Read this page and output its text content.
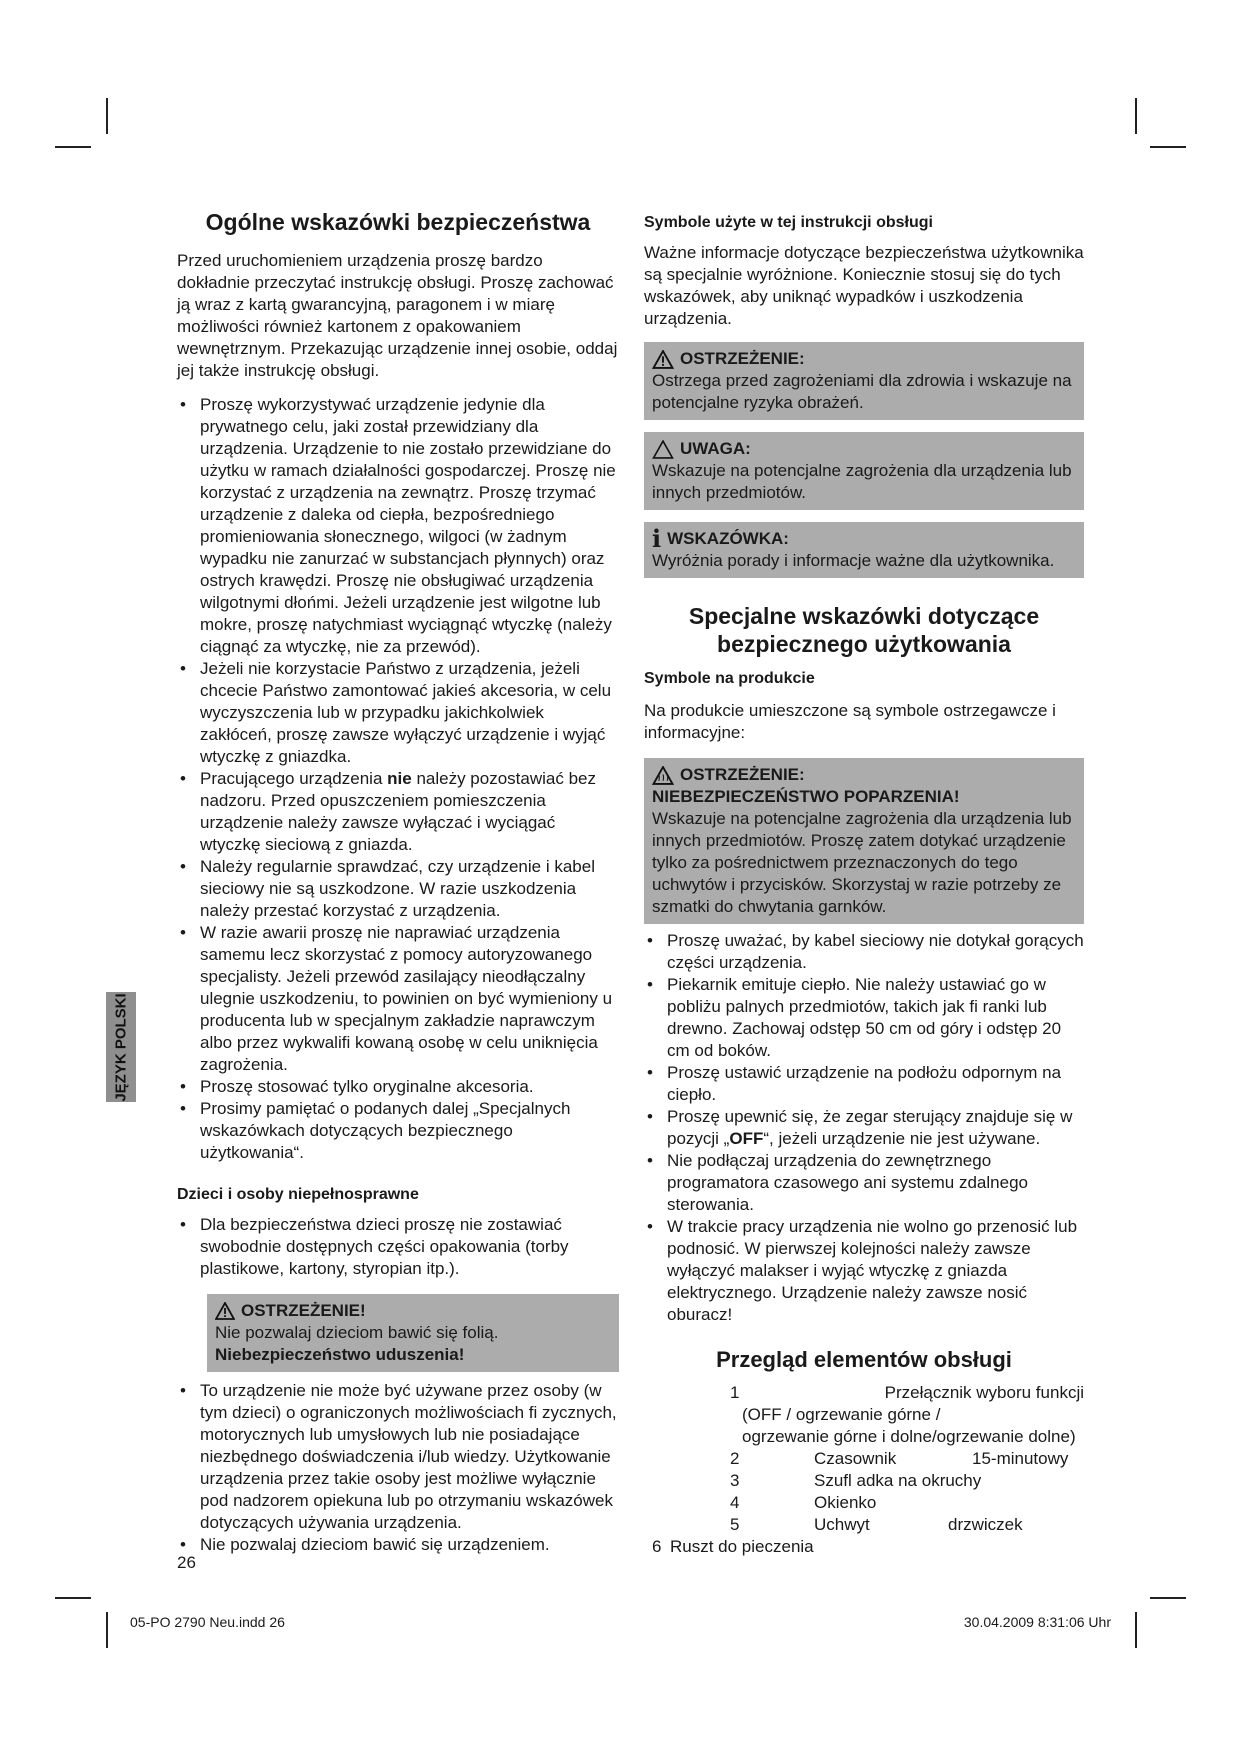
JĘZYK POLSKI
Ogólne wskazówki bezpieczeństwa

Przed uruchomieniem urządzenia proszę bardzo dokładnie przeczytać instrukcję obsługi. Proszę zachować ją wraz z kartą gwarancyjną, paragonem i w miarę możliwości również kartonem z opakowaniem wewnętrznym. Przekazując urządzenie innej osobie, oddaj jej także instrukcję obsługi.

• Proszę wykorzystywać urządzenie jedynie dla prywatnego celu, jaki został przewidziany dla urządzenia. Urządzenie to nie zostało przewidziane do użytku w ramach działalności gospodarczej. Proszę nie korzystać z urządzenia na zewnątrz. Proszę trzymać urządzenie z daleka od ciepła, bezpośredniego promieniowania słonecznego, wilgoci (w żadnym wypadku nie zanurzać w substancjach płynnych) oraz ostrych krawędzi. Proszę nie obsługiwać urządzenia wilgotnymi dłońmi. Jeżeli urządzenie jest wilgotne lub mokre, proszę natychmiast wyciągnąć wtyczkę (należy ciągnąć za wtyczkę, nie za przewód).
• Jeżeli nie korzystacie Państwo z urządzenia, jeżeli chcecie Państwo zamontować jakieś akcesoria, w celu wyczyszczenia lub w przypadku jakichkolwiek zakłóceń, proszę zawsze wyłączyć urządzenie i wyjąć wtyczkę z gniazdka.
• Pracującego urządzenia nie należy pozostawiać bez nadzoru. Przed opuszczeniem pomieszczenia urządzenie należy zawsze wyłączać i wyciągać wtyczkę sieciową z gniazda.
• Należy regularnie sprawdzać, czy urządzenie i kabel sieciowy nie są uszkodzone. W razie uszkodzenia należy przestać korzystać z urządzenia.
• W razie awarii proszę nie naprawiać urządzenia samemu lecz skorzystać z pomocy autoryzowanego specjalisty. Jeżeli przewód zasilający nieodłączalny ulegnie uszkodzeniu, to powinien on być wymieniony u producenta lub w specjalnym zakładzie naprawczym albo przez wykwalifi kowaną osobę w celu uniknięcia zagrożenia.
• Proszę stosować tylko oryginalne akcesoria.
• Prosimy pamiętać o podanych dalej „Specjalnych wskazówkach dotyczących bezpiecznego użytkowania“.
Dzieci i osoby niepełnosprawne
• Dla bezpieczeństwa dzieci proszę nie zostawiać swobodnie dostępnych części opakowania (torby plastikowe, kartony, styropian itp.).
OSTRZEŻENIE!

Nie pozwalaj dzieciom bawić się folią.

Niebezpieczeństwo uduszenia!

• To urządzenie nie może być używane przez osoby (w tym dzieci) o ograniczonych możliwościach fi zycznych, motorycznych lub umysłowych lub nie posiadające niezbędnego doświadczenia i/lub wiedzy. Użytkowanie urządzenia przez takie osoby jest możliwe wyłącznie pod nadzorem opiekuna lub po otrzymaniu wskazówek dotyczących używania urządzenia.
• Nie pozwalaj dzieciom bawić się urządzeniem.
Symbole użyte w tej instrukcji obsługi

Ważne informacje dotyczące bezpieczeństwa użytkownika są specjalnie wyróżnione. Koniecznie stosuj się do tych wskazówek, aby uniknąć wypadków i uszkodzenia urządzenia.

OSTRZEŻENIE:

Ostrzega przed zagrożeniami dla zdrowia i wskazuje na potencjalne ryzyka obrażeń.

UWAGA:

Wskazuje na potencjalne zagrożenia dla urządzenia lub innych przedmiotów.

i WSKAZÓWKA:

Wyróżnia porady i informacje ważne dla użytkownika.

Specjalne wskazówki dotyczące
bezpiecznego użytkowania
Symbole na produkcie

Na produkcie umieszczone są symbole ostrzegawcze i informacyjne:

OSTRZEŻENIE:

NIEBEZPIECZEŃSTWO POPARZENIA!

Wskazuje na potencjalne zagrożenia dla urządzenia lub innych przedmiotów. Proszę zatem dotykać urządzenie tylko za pośrednictwem przeznaczonych do tego uchwytów i przycisków. Skorzystaj w razie potrzeby ze szmatki do chwytania garnków.

• Proszę uważać, by kabel sieciowy nie dotykał gorących części urządzenia.
• Piekarnik emituje ciepło. Nie należy ustawiać go w pobliżu palnych przedmiotów, takich jak fi ranki lub drewno. Zachowaj odstęp 50 cm od góry i odstęp 20 cm od boków.
• Proszę ustawić urządzenie na podłożu odpornym na ciepło.
• Proszę upewnić się, że zegar sterujący znajduje się w pozycji „OFF“, jeżeli urządzenie nie jest używane.
• Nie podłączaj urządzenia do zewnętrznego programatora czasowego ani systemu zdalnego sterowania.
• W trakcie pracy urządzenia nie wolno go przenosić lub podnosić. W pierwszej kolejności należy zawsze wyłączyć malakser i wyjąć wtyczkę z gniazda elektrycznego. Urządzenie należy zawsze nosić oburacz!
Przegląd elementów obsługi
1	Przełącznik wyboru funkcji
(OFF / ogrzewanie górne /
ogrzewanie górne i dolne/ogrzewanie dolne)
2	Czasownik	15-minutowy
3	Szufl adka na okruchy
4	Okienko
5	Uchwyt	drzwiczek
6 Ruszt do pieczenia
26
05-PO 2790 Neu.indd 26	30.04.2009 8:31:06 Uhr
